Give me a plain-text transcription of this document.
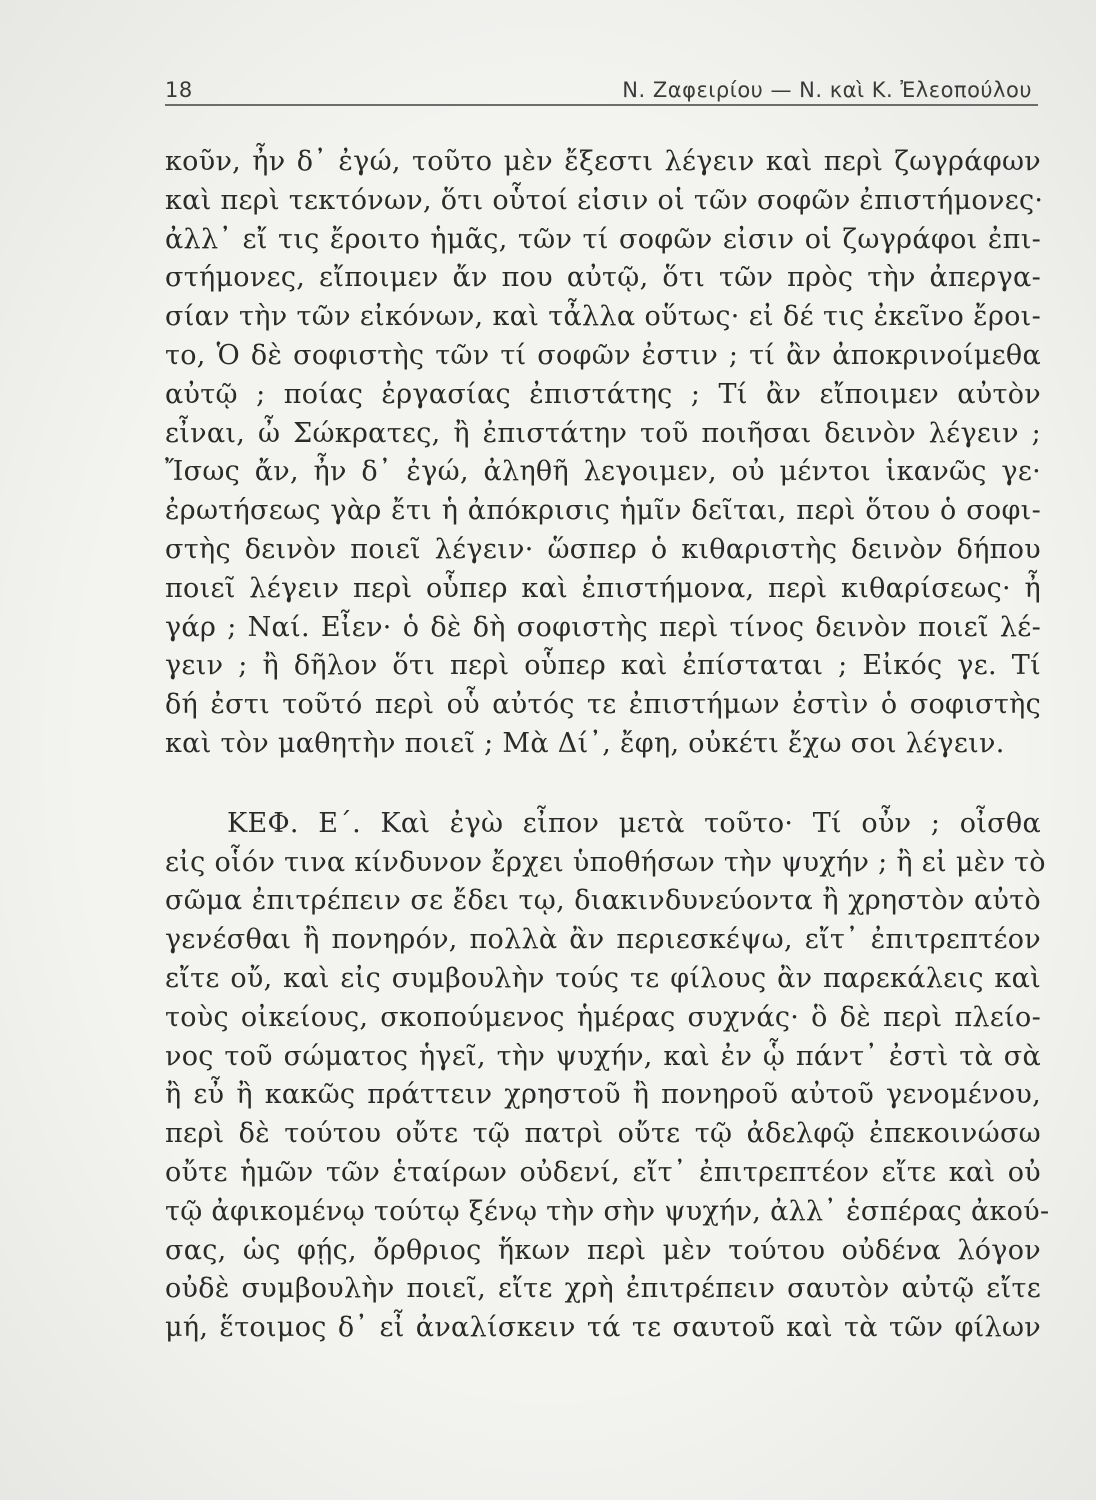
18	Ν. Ζαφειρίου — Ν. καὶ Κ. Ἐλεοπούλου
κοῦν, ἦν δ᾽ ἐγώ, τοῦτο μὲν ἔξεστι λέγειν καὶ περὶ ζωγράφων
καὶ περὶ τεκτόνων, ὅτι οὗτοί εἰσιν οἱ τῶν σοφῶν ἐπιστήμονες·
ἀλλ᾽ εἴ τις ἔροιτο ἡμᾶς, τῶν τί σοφῶν εἰσιν οἱ ζωγράφοι ἐπι-
στήμονες, εἴποιμεν ἄν που αὐτῷ, ὅτι τῶν πρὸς τὴν ἀπεργα-
σίαν τὴν τῶν εἰκόνων, καὶ τἆλλα οὕτως· εἰ δέ τις ἐκεῖνο ἔροι-
το, Ὁ δὲ σοφιστὴς τῶν τί σοφῶν ἐστιν ; τί ἂν ἀποκρινοίμεθα
αὐτῷ ; ποίας ἐργασίας ἐπιστάτης ; Τί ἂν εἴποιμεν αὐτὸν
εἶναι, ὦ Σώκρατες, ἢ ἐπιστάτην τοῦ ποιῆσαι δεινὸν λέγειν ;
Ἴσως ἄν, ἦν δ᾽ ἐγώ, ἀληθῆ λεγοιμεν, οὐ μέντοι ἱκανῶς γε·
ἐρωτήσεως γὰρ ἔτι ἡ ἀπόκρισις ἡμῖν δεῖται, περὶ ὅτου ὁ σοφι-
στὴς δεινὸν ποιεῖ λέγειν· ὥσπερ ὁ κιθαριστὴς δεινὸν δήπου
ποιεῖ λέγειν περὶ οὗπερ καὶ ἐπιστήμονα, περὶ κιθαρίσεως· ἦ
γάρ ; Ναί. Εἶεν· ὁ δὲ δὴ σοφιστὴς περὶ τίνος δεινὸν ποιεῖ λέ-
γειν ; ἢ δῆλον ὅτι περὶ οὗπερ καὶ ἐπίσταται ; Εἰκός γε. Τί
δή ἐστι τοῦτό περὶ οὗ αὐτός τε ἐπιστήμων ἐστὶν ὁ σοφιστὴς
καὶ τὸν μαθητὴν ποιεῖ ; Μὰ Δί᾽, ἔφη, οὐκέτι ἔχω σοι λέγειν.
ΚΕΦ. Ε΄. Καὶ ἐγὼ εἶπον μετὰ τοῦτο· Τί οὖν ; οἶσθα
εἰς οἷόν τινα κίνδυνον ἔρχει ὑποθήσων τὴν ψυχήν ; ἢ εἰ μὲν τὸ
σῶμα ἐπιτρέπειν σε ἔδει τῳ, διακινδυνεύοντα ἢ χρηστὸν αὐτὸ
γενέσθαι ἢ πονηρόν, πολλὰ ἂν περιεσκέψω, εἴτ᾽ ἐπιτρεπτέον
εἴτε οὔ, καὶ εἰς συμβουλὴν τούς τε φίλους ἂν παρεκάλεις καὶ
τοὺς οἰκείους, σκοπούμενος ἡμέρας συχνάς· ὃ δὲ περὶ πλείο-
νος τοῦ σώματος ἡγεῖ, τὴν ψυχήν, καὶ ἐν ᾧ πάντ᾽ ἐστὶ τὰ σὰ
ἢ εὖ ἢ κακῶς πράττειν χρηστοῦ ἢ πονηροῦ αὐτοῦ γενομένου,
περὶ δὲ τούτου οὔτε τῷ πατρὶ οὔτε τῷ ἀδελφῷ ἐπεκοινώσω
οὔτε ἡμῶν τῶν ἑταίρων οὐδενί, εἴτ᾽ ἐπιτρεπτέον εἴτε καὶ οὐ
τῷ ἀφικομένῳ τούτῳ ξένῳ τὴν σὴν ψυχήν, ἀλλ᾽ ἑσπέρας ἀκού-
σας, ὡς φῄς, ὄρθριος ἥκων περὶ μὲν τούτου οὐδένα λόγον
οὐδὲ συμβουλὴν ποιεῖ, εἴτε χρὴ ἐπιτρέπειν σαυτὸν αὐτῷ εἴτε
μή, ἕτοιμος δ᾽ εἶ ἀναλίσκειν τά τε σαυτοῦ καὶ τὰ τῶν φίλων
